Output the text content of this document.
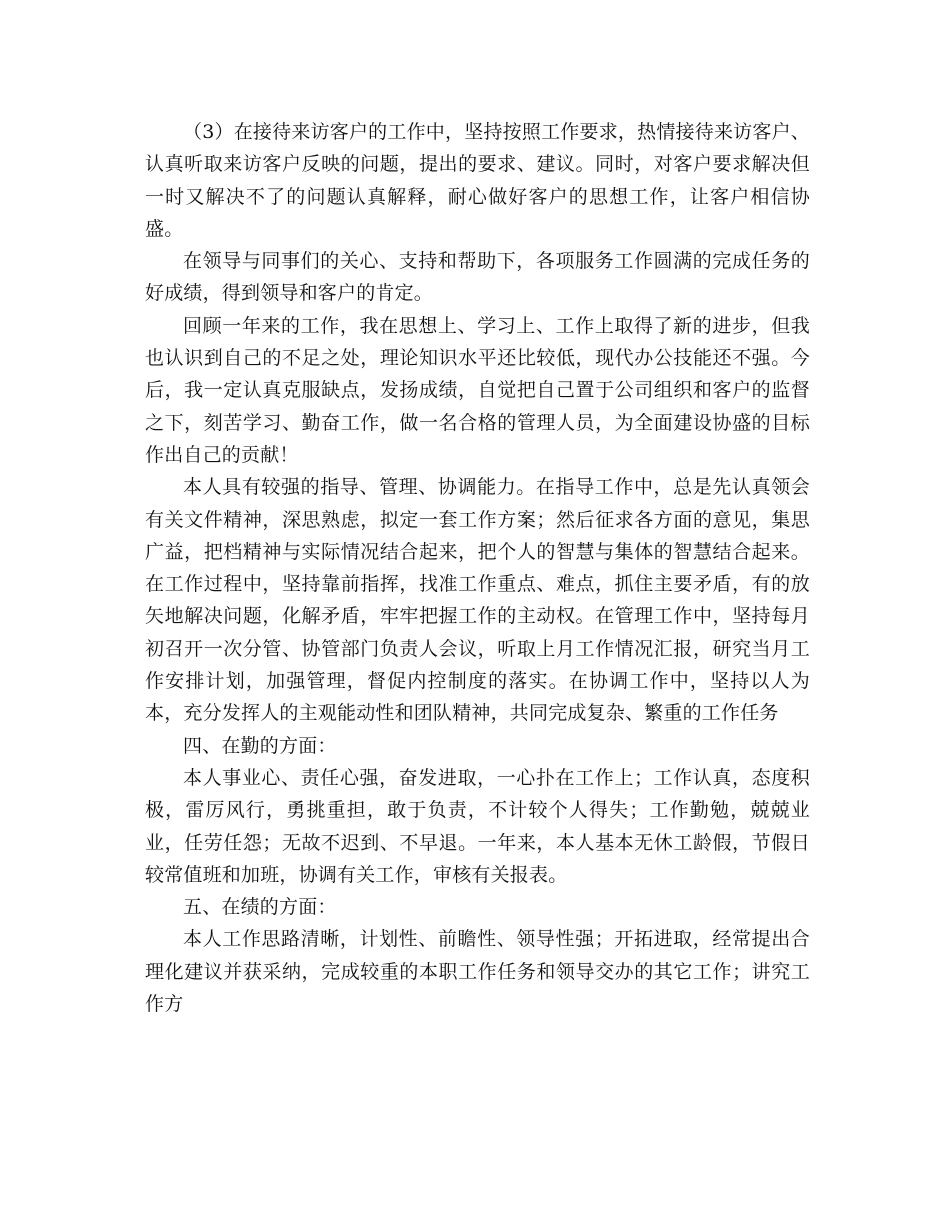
（3）在接待来访客户的工作中，坚持按照工作要求，热情接待来访客户、认真听取来访客户反映的问题，提出的要求、建议。同时，对客户要求解决但一时又解决不了的问题认真解释，耐心做好客户的思想工作，让客户相信协盛。

在领导与同事们的关心、支持和帮助下，各项服务工作圆满的完成任务的好成绩，得到领导和客户的肯定。

回顾一年来的工作，我在思想上、学习上、工作上取得了新的进步，但我也认识到自己的不足之处，理论知识水平还比较低，现代办公技能还不强。今后，我一定认真克服缺点，发扬成绩，自觉把自己置于公司组织和客户的监督之下，刻苦学习、勤奋工作，做一名合格的管理人员，为全面建设协盛的目标作出自己的贡献！

本人具有较强的指导、管理、协调能力。在指导工作中，总是先认真领会有关文件精神，深思熟虑，拟定一套工作方案；然后征求各方面的意见，集思广益，把档精神与实际情况结合起来，把个人的智慧与集体的智慧结合起来。在工作过程中，坚持靠前指挥，找准工作重点、难点，抓住主要矛盾，有的放矢地解决问题，化解矛盾，牢牢把握工作的主动权。在管理工作中，坚持每月初召开一次分管、协管部门负责人会议，听取上月工作情况汇报，研究当月工作安排计划，加强管理，督促内控制度的落实。在协调工作中，坚持以人为本，充分发挥人的主观能动性和团队精神，共同完成复杂、繁重的工作任务

四、在勤的方面：

本人事业心、责任心强，奋发进取，一心扑在工作上；工作认真，态度积极，雷厉风行，勇挑重担，敢于负责，不计较个人得失；工作勤勉，兢兢业业，任劳任怨；无故不迟到、不早退。一年来，本人基本无休工龄假，节假日较常值班和加班，协调有关工作，审核有关报表。

五、在绩的方面：

本人工作思路清晰，计划性、前瞻性、领导性强；开拓进取，经常提出合理化建议并获采纳，完成较重的本职工作任务和领导交办的其它工作；讲究工作方
